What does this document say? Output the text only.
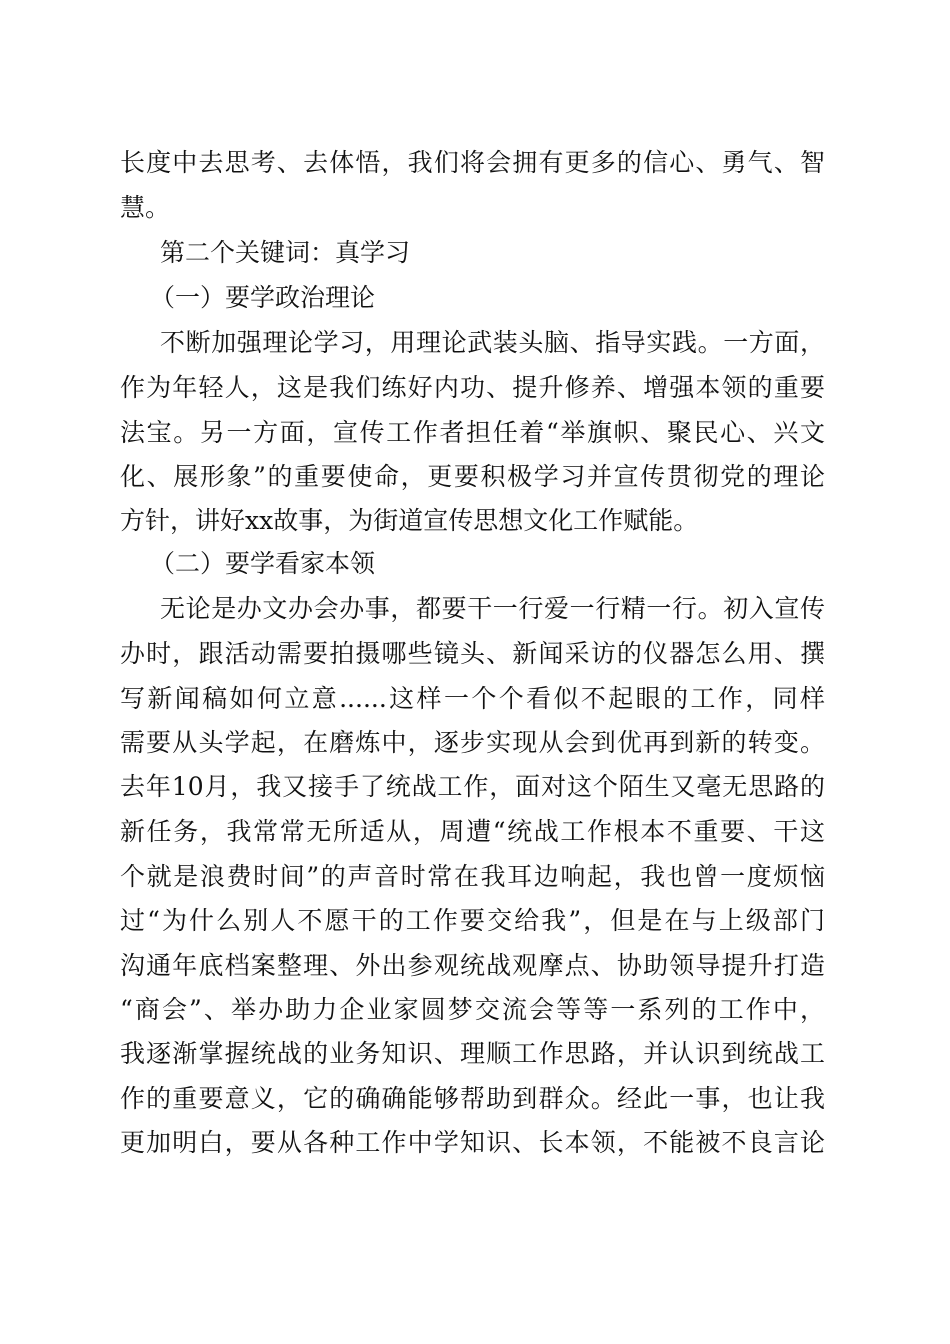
长度中去思考、去体悟，我们将会拥有更多的信心、勇气、智
慧。
第二个关键词：真学习
（一）要学政治理论
不断加强理论学习，用理论武装头脑、指导实践。一方面，
作为年轻人，这是我们练好内功、提升修养、增强本领的重要
法宝。另一方面，宣传工作者担任着“举旗帜、聚民心、兴文
化、展形象”的重要使命，更要积极学习并宣传贯彻党的理论
方针，讲好xx故事，为街道宣传思想文化工作赋能。
（二）要学看家本领
无论是办文办会办事，都要干一行爱一行精一行。初入宣传
办时，跟活动需要拍摄哪些镜头、新闻采访的仪器怎么用、撰
写新闻稿如何立意......这样一个个看似不起眼的工作，同样
需要从头学起，在磨炼中，逐步实现从会到优再到新的转变。
去年10月，我又接手了统战工作，面对这个陌生又毫无思路的
新任务，我常常无所适从，周遭“统战工作根本不重要、干这
个就是浪费时间”的声音时常在我耳边响起，我也曾一度烦恼
过“为什么别人不愿干的工作要交给我”，但是在与上级部门
沟通年底档案整理、外出参观统战观摩点、协助领导提升打造
“商会”、举办助力企业家圆梦交流会等等一系列的工作中，
我逐渐掌握统战的业务知识、理顺工作思路，并认识到统战工
作的重要意义，它的确确能够帮助到群众。经此一事，也让我
更加明白，要从各种工作中学知识、长本领，不能被不良言论
